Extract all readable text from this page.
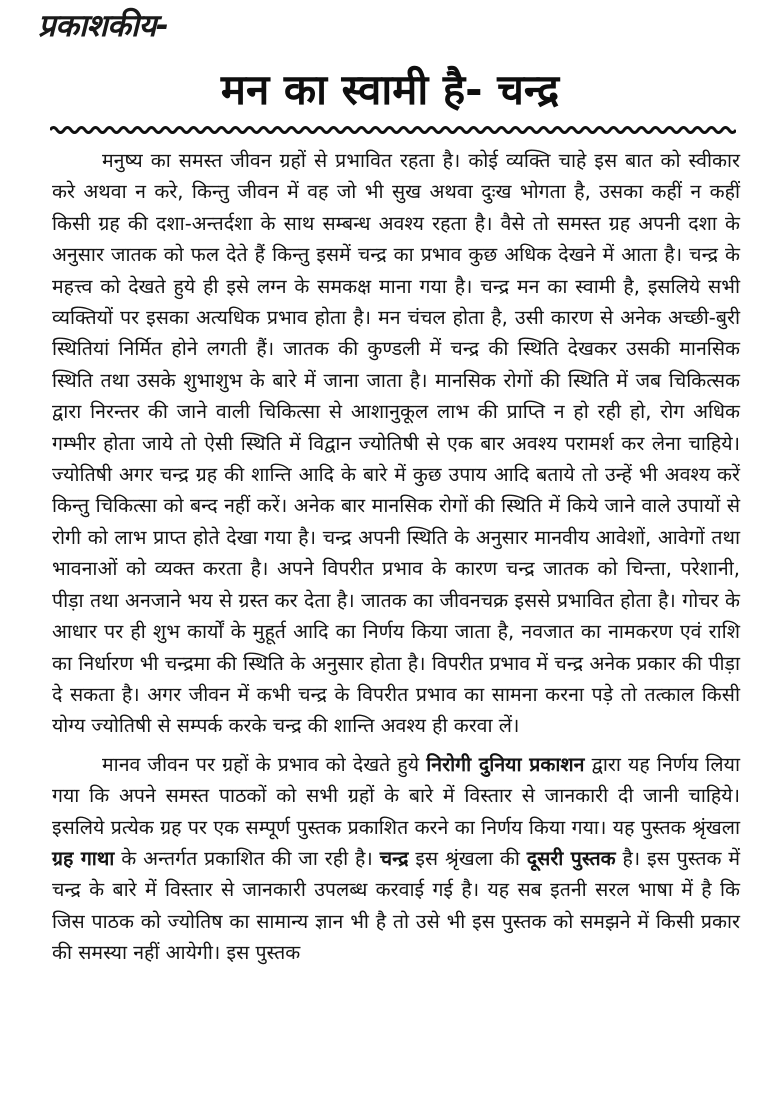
प्रकाशकीय-
मन का स्वामी है- चन्द्र

मनुष्य का समस्त जीवन ग्रहों से प्रभावित रहता है। कोई व्यक्ति चाहे इस बात को स्वीकार करे अथवा न करे, किन्तु जीवन में वह जो भी सुख अथवा दुःख भोगता है, उसका कहीं न कहीं किसी ग्रह की दशा-अन्तर्दशा के साथ सम्बन्ध अवश्य रहता है। वैसे तो समस्त ग्रह अपनी दशा के अनुसार जातक को फल देते हैं किन्तु इसमें चन्द्र का प्रभाव कुछ अधिक देखने में आता है। चन्द्र के महत्त्व को देखते हुये ही इसे लग्न के समकक्ष माना गया है। चन्द्र मन का स्वामी है, इसलिये सभी व्यक्तियों पर इसका अत्यधिक प्रभाव होता है। मन चंचल होता है, उसी कारण से अनेक अच्छी-बुरी स्थितियां निर्मित होने लगती हैं। जातक की कुण्डली में चन्द्र की स्थिति देखकर उसकी मानसिक स्थिति तथा उसके शुभाशुभ के बारे में जाना जाता है। मानसिक रोगों की स्थिति में जब चिकित्सक द्वारा निरन्तर की जाने वाली चिकित्सा से आशानुकूल लाभ की प्राप्ति न हो रही हो, रोग अधिक गम्भीर होता जाये तो ऐसी स्थिति में विद्वान ज्योतिषी से एक बार अवश्य परामर्श कर लेना चाहिये। ज्योतिषी अगर चन्द्र ग्रह की शान्ति आदि के बारे में कुछ उपाय आदि बताये तो उन्हें भी अवश्य करें किन्तु चिकित्सा को बन्द नहीं करें। अनेक बार मानसिक रोगों की स्थिति में किये जाने वाले उपायों से रोगी को लाभ प्राप्त होते देखा गया है। चन्द्र अपनी स्थिति के अनुसार मानवीय आवेशों, आवेगों तथा भावनाओं को व्यक्त करता है। अपने विपरीत प्रभाव के कारण चन्द्र जातक को चिन्ता, परेशानी, पीड़ा तथा अनजाने भय से ग्रस्त कर देता है। जातक का जीवनचक्र इससे प्रभावित होता है। गोचर के आधार पर ही शुभ कार्यों के मुहूर्त आदि का निर्णय किया जाता है, नवजात का नामकरण एवं राशि का निर्धारण भी चन्द्रमा की स्थिति के अनुसार होता है। विपरीत प्रभाव में चन्द्र अनेक प्रकार की पीड़ा दे सकता है। अगर जीवन में कभी चन्द्र के विपरीत प्रभाव का सामना करना पड़े तो तत्काल किसी योग्य ज्योतिषी से सम्पर्क करके चन्द्र की शान्ति अवश्य ही करवा लें।

मानव जीवन पर ग्रहों के प्रभाव को देखते हुये निरोगी दुनिया प्रकाशन द्वारा यह निर्णय लिया गया कि अपने समस्त पाठकों को सभी ग्रहों के बारे में विस्तार से जानकारी दी जानी चाहिये। इसलिये प्रत्येक ग्रह पर एक सम्पूर्ण पुस्तक प्रकाशित करने का निर्णय किया गया। यह पुस्तक श्रृंखला ग्रह गाथा के अन्तर्गत प्रकाशित की जा रही है। चन्द्र इस श्रृंखला की दूसरी पुस्तक है। इस पुस्तक में चन्द्र के बारे में विस्तार से जानकारी उपलब्ध करवाई गई है। यह सब इतनी सरल भाषा में है कि जिस पाठक को ज्योतिष का सामान्य ज्ञान भी है तो उसे भी इस पुस्तक को समझने में किसी प्रकार की समस्या नहीं आयेगी। इस पुस्तक
